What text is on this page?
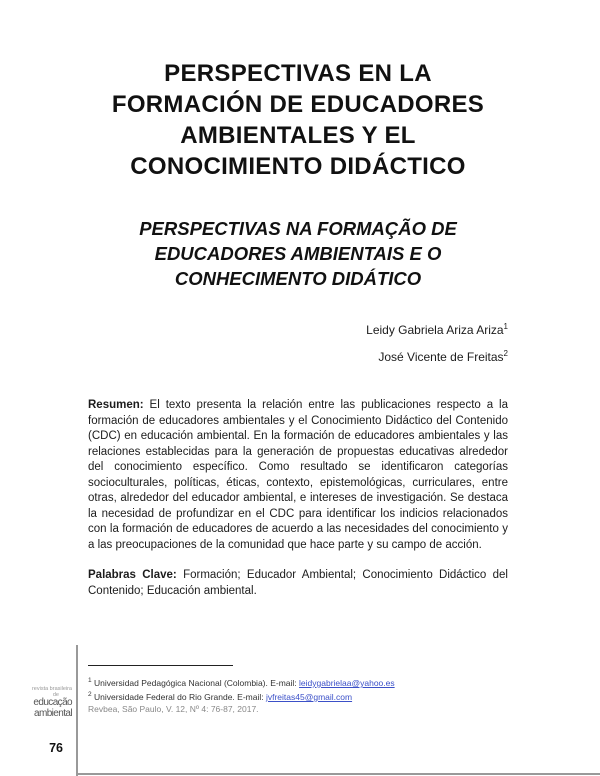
PERSPECTIVAS EN LA
FORMACIÓN DE EDUCADORES
AMBIENTALES Y EL
CONOCIMIENTO DIDÁCTICO
PERSPECTIVAS NA FORMAÇÃO DE
EDUCADORES AMBIENTAIS E O
CONHECIMENTO DIDÁTICO
Leidy Gabriela Ariza Ariza$^1$
José Vicente de Freitas$^2$

Resumen: El texto presenta la relación entre las publicaciones respecto a la formación de educadores ambientales y el Conocimiento Didáctico del Contenido (CDC) en educación ambiental. En la formación de educadores ambientales y las relaciones establecidas para la generación de propuestas educativas alrededor del conocimiento específico. Como resultado se identificaron categorías socioculturales, políticas, éticas, contexto, epistemológicas, curriculares, entre otras, alrededor del educador ambiental, e intereses de investigación. Se destaca la necesidad de profundizar en el CDC para identificar los indicios relacionados con la formación de educadores de acuerdo a las necesidades del conocimiento y a las preocupaciones de la comunidad que hace parte y su campo de acción.

Palabras Clave: Formación; Educador Ambiental; Conocimiento Didáctico del Contenido; Educación ambiental.

$^1$ Universidad Pedagógica Nacional (Colombia). E-mail: leidygabrielaa@yahoo.es

$^2$ Universidade Federal do Rio Grande. E-mail: jvfreitas45@gmail.com

Revbea, São Paulo, V. 12, Nº 4: 76-87, 2017.

revista brasileira
de
educação
ambiental
76
